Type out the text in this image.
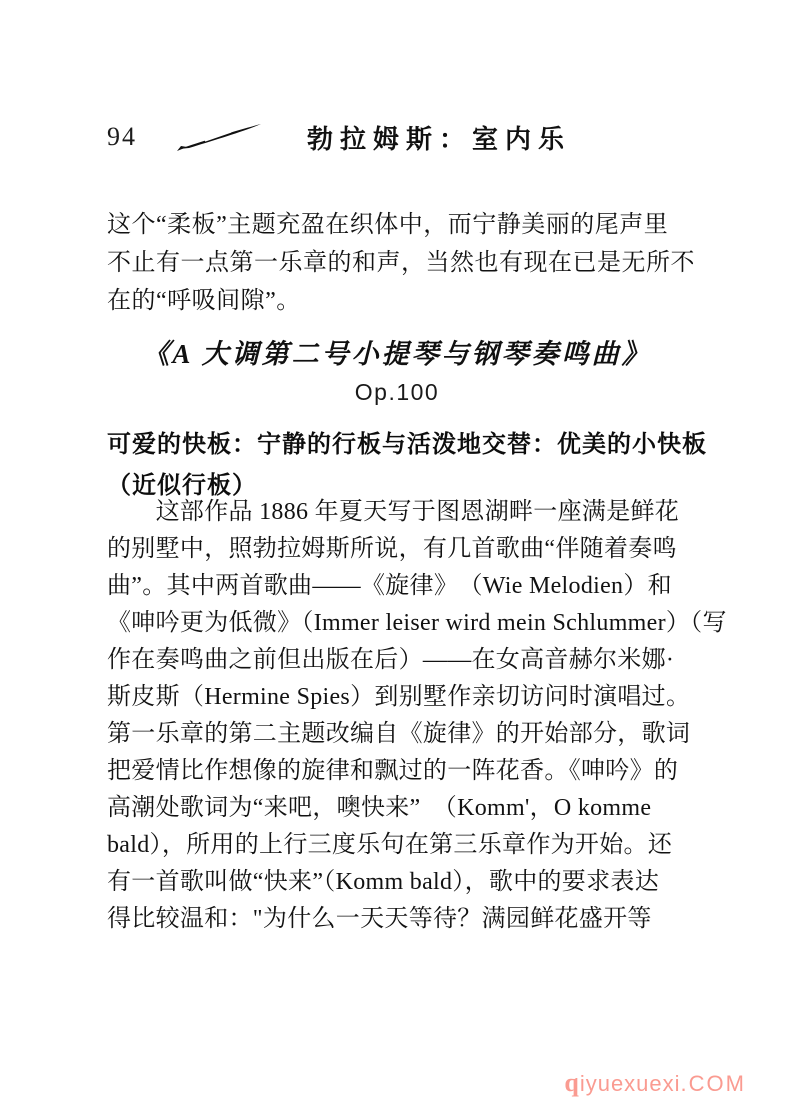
94	勃拉姆斯：室内乐
这个“柔板”主题充盈在织体中，而宁静美丽的尾声里
不止有一点第一乐章的和声，当然也有现在已是无所不
在的“呼吸间隙”。
《A 大调第二号小提琴与钢琴奏鸣曲》
Op.100
可爱的快板：宁静的行板与活泼地交替：优美的小快板
（近似行板）
　　这部作品 1886 年夏天写于图恩湖畔一座满是鲜花
的别墅中，照勃拉姆斯所说，有几首歌曲“伴随着奏鸣
曲”。其中两首歌曲——《旋律》　（Wie Melodien）和
《呻吟更为低微》（Immer leiser wird mein Schlummer）（写
作在奏鸣曲之前但出版在后）——在女高音赫尔米娜·
斯皮斯（Hermine Spies）到别墅作亲切访问时演唱过。
第一乐章的第二主题改编自《旋律》的开始部分，歌词
把爱情比作想像的旋律和飘过的一阵花香。《呻吟》的
高潮处歌词为“来吧，噢快来”　（Komm'，O komme
bald），所用的上行三度乐句在第三乐章作为开始。还
有一首歌叫做“快来”（Komm bald），歌中的要求表达
得比较温和："为什么一天天等待？满园鲜花盛开等
qiyuexuexi.COM
